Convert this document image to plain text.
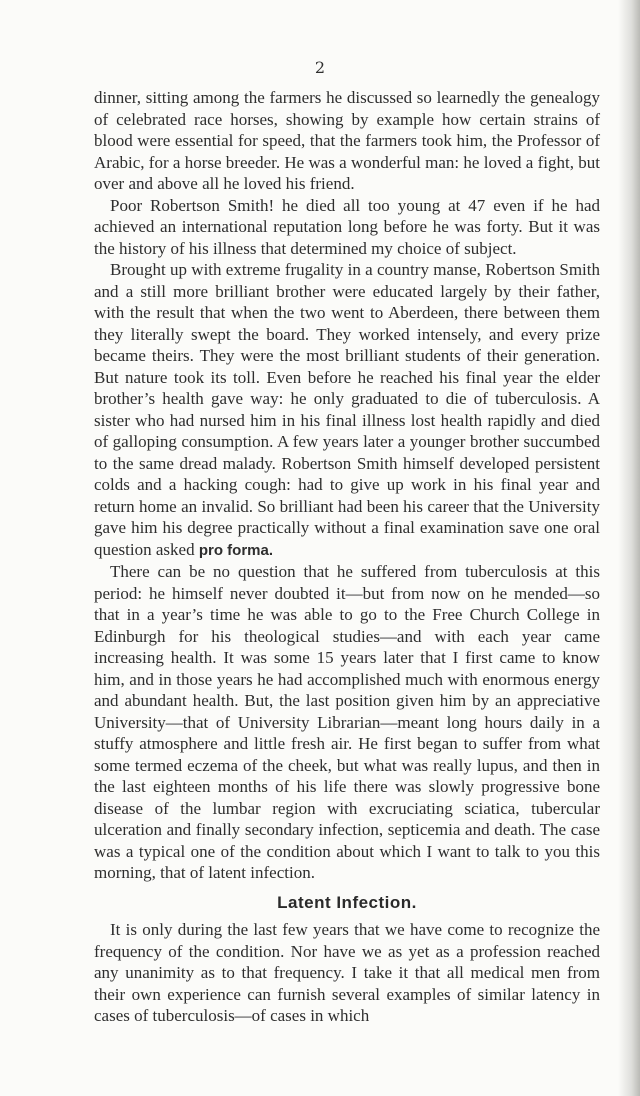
2

dinner, sitting among the farmers he discussed so learnedly the genealogy of celebrated race horses, showing by example how certain strains of blood were essential for speed, that the farmers took him, the Professor of Arabic, for a horse breeder. He was a wonderful man: he loved a fight, but over and above all he loved his friend.

Poor Robertson Smith! he died all too young at 47 even if he had achieved an international reputation long before he was forty. But it was the history of his illness that determined my choice of subject.

Brought up with extreme frugality in a country manse, Robertson Smith and a still more brilliant brother were educated largely by their father, with the result that when the two went to Aberdeen, there between them they literally swept the board. They worked intensely, and every prize became theirs. They were the most brilliant students of their generation. But nature took its toll. Even before he reached his final year the elder brother’s health gave way: he only graduated to die of tuberculosis. A sister who had nursed him in his final illness lost health rapidly and died of galloping consumption. A few years later a younger brother succumbed to the same dread malady. Robertson Smith himself developed persistent colds and a hacking cough: had to give up work in his final year and return home an invalid. So brilliant had been his career that the University gave him his degree practically without a final examination save one oral question asked pro forma.

There can be no question that he suffered from tuberculosis at this period: he himself never doubted it—but from now on he mended—so that in a year’s time he was able to go to the Free Church College in Edinburgh for his theological studies—and with each year came increasing health. It was some 15 years later that I first came to know him, and in those years he had accomplished much with enormous energy and abundant health. But, the last position given him by an appreciative University—that of University Librarian—meant long hours daily in a stuffy atmosphere and little fresh air. He first began to suffer from what some termed eczema of the cheek, but what was really lupus, and then in the last eighteen months of his life there was slowly progressive bone disease of the lumbar region with excruciating sciatica, tubercular ulceration and finally secondary infection, septicemia and death. The case was a typical one of the condition about which I want to talk to you this morning, that of latent infection.

Latent Infection.

It is only during the last few years that we have come to recognize the frequency of the condition. Nor have we as yet as a profession reached any unanimity as to that frequency. I take it that all medical men from their own experience can furnish several examples of similar latency in cases of tuberculosis—of cases in which
